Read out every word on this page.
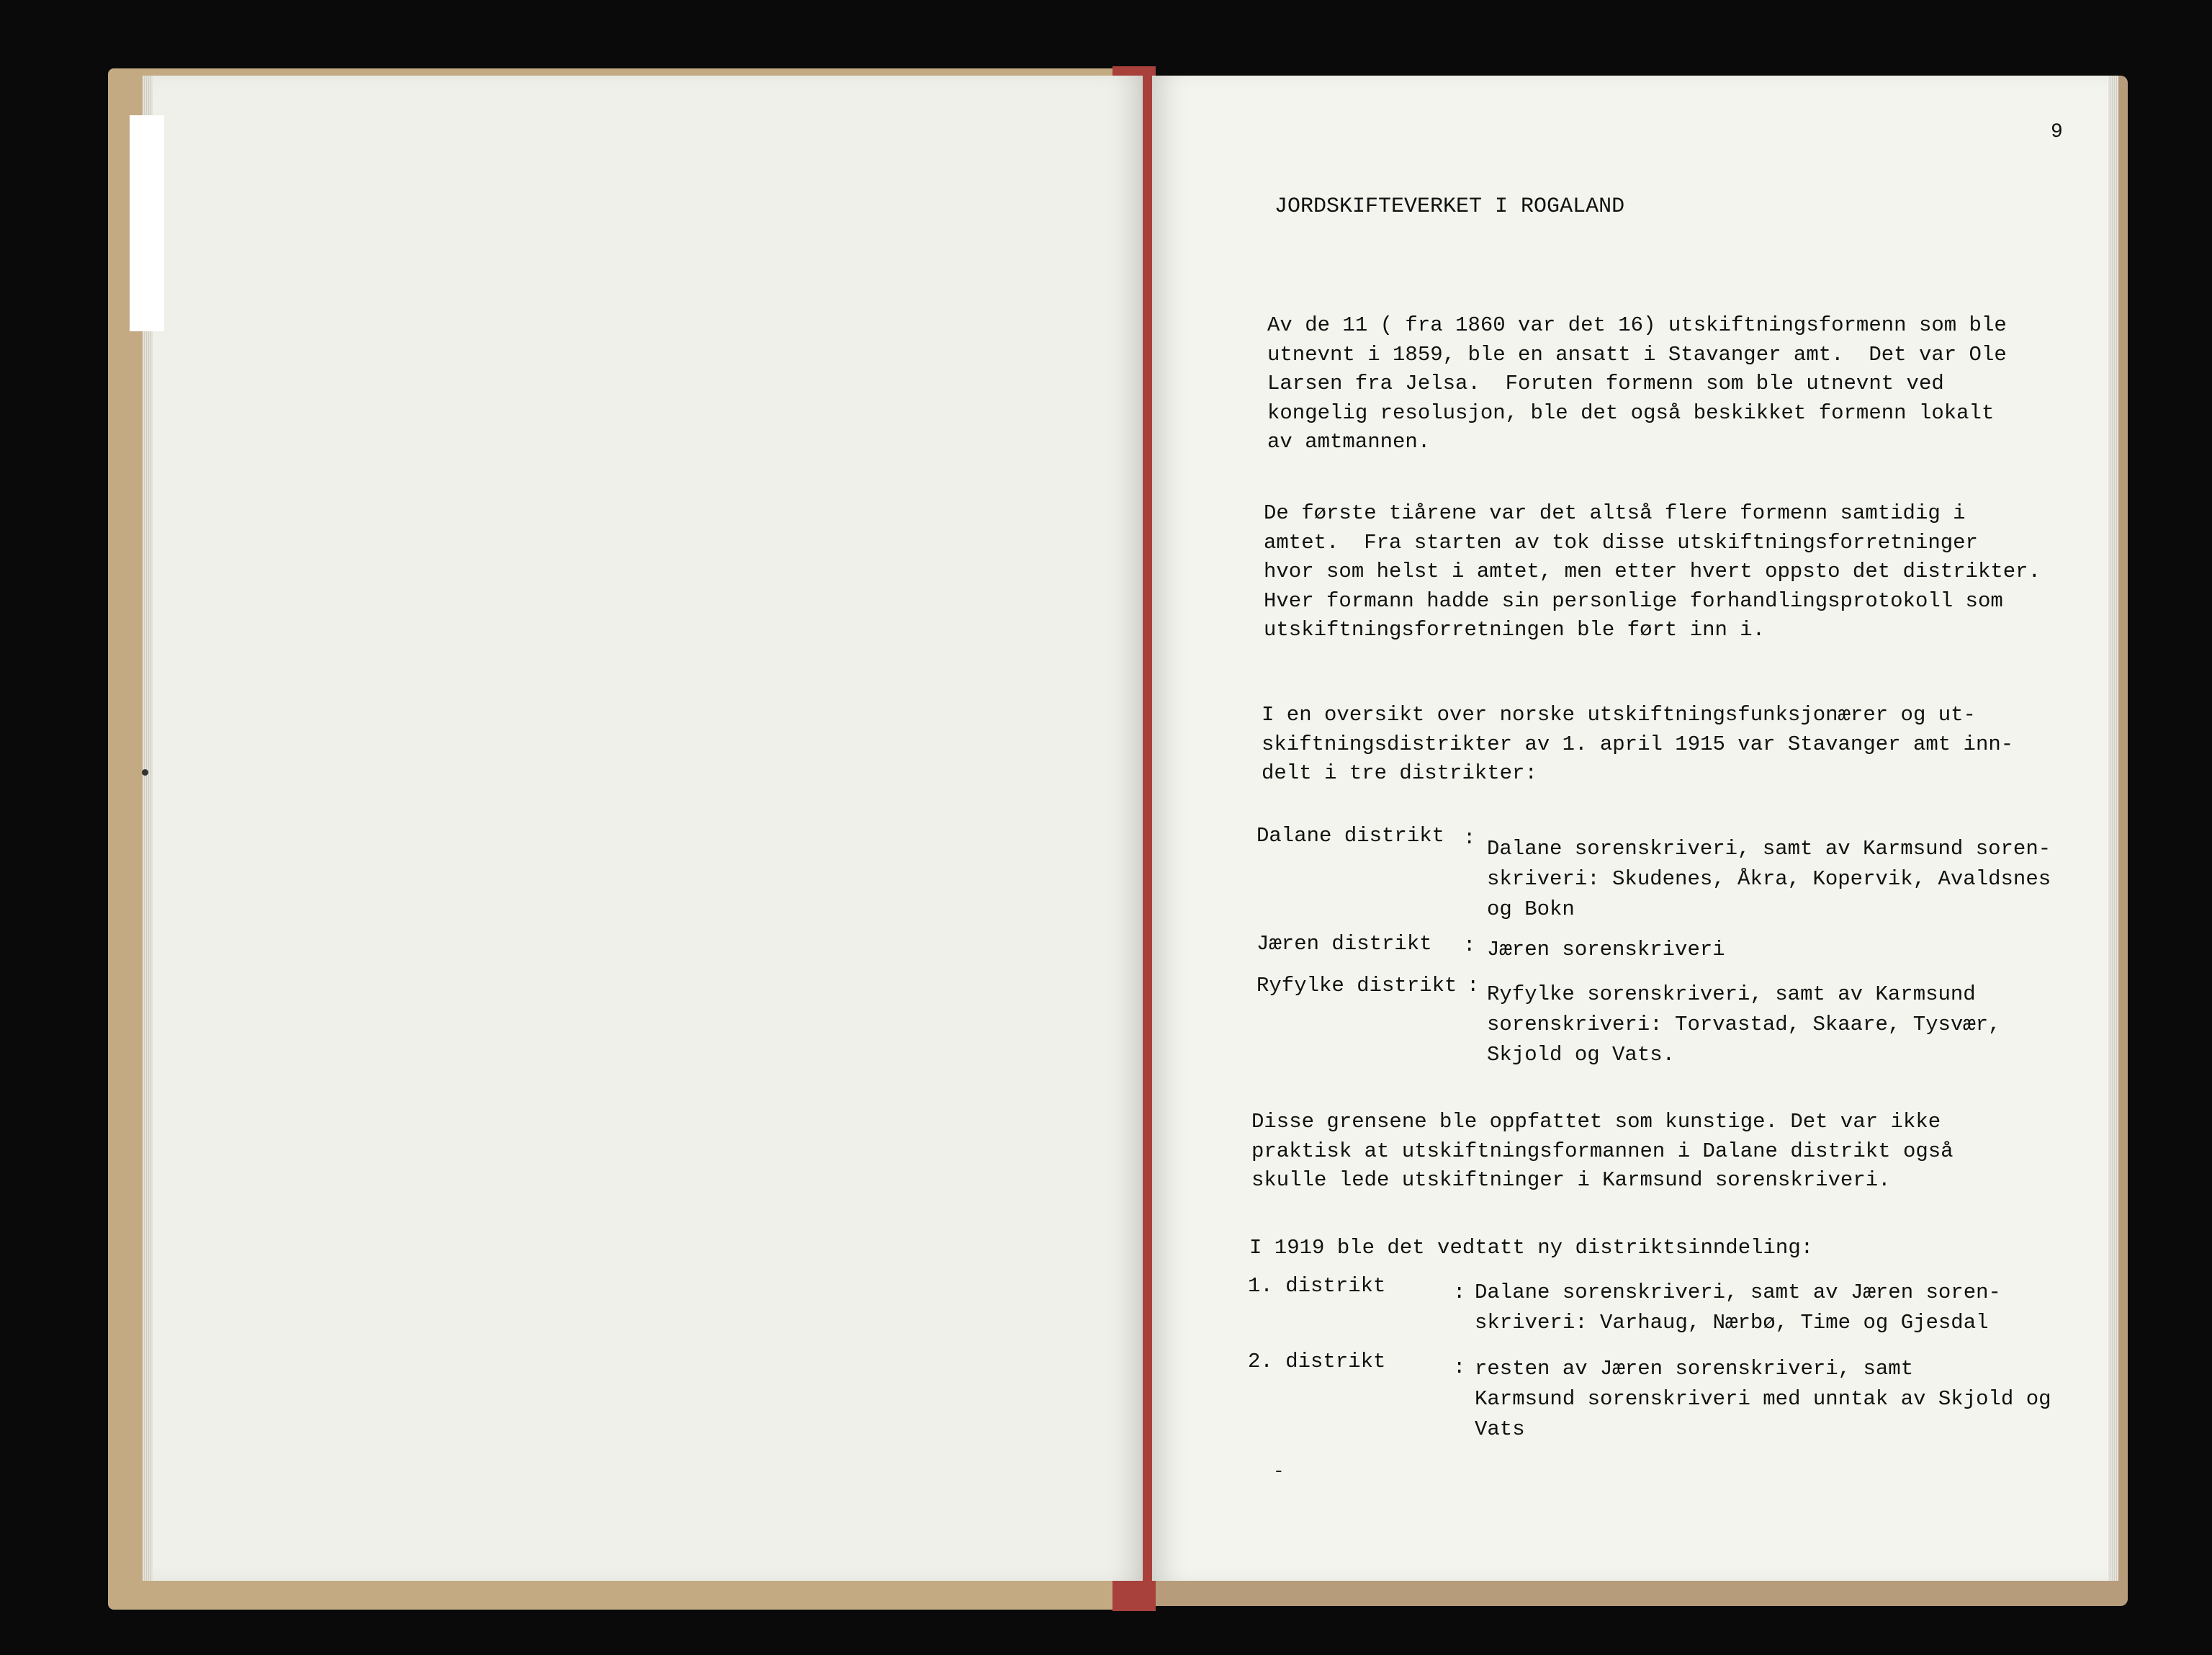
9

JORDSKIFTEVERKET I ROGALAND

Av de 11 ( fra 1860 var det 16) utskiftningsformenn som ble
utnevnt i 1859, ble en ansatt i Stavanger amt.  Det var Ole
Larsen fra Jelsa.  Foruten formenn som ble utnevnt ved
kongelig resolusjon, ble det også beskikket formenn lokalt
av amtmannen.

De første tiårene var det altså flere formenn samtidig i
amtet.  Fra starten av tok disse utskiftningsforretninger
hvor som helst i amtet, men etter hvert oppsto det distrikter.
Hver formann hadde sin personlige forhandlingsprotokoll som
utskiftningsforretningen ble ført inn i.

I en oversikt over norske utskiftningsfunksjonærer og ut-
skiftningsdistrikter av 1. april 1915 var Stavanger amt inn-
delt i tre distrikter:

Dalane distrikt : Dalane sorenskriveri, samt av Karmsund soren-
skriveri: Skudenes, Åkra, Kopervik, Avaldsnes
og Bokn

Jæren distrikt : Jæren sorenskriveri

Ryfylke distrikt : Ryfylke sorenskriveri, samt av Karmsund
sorenskriveri: Torvastad, Skaare, Tysvær,
Skjold og Vats.

Disse grensene ble oppfattet som kunstige. Det var ikke
praktisk at utskiftningsformannen i Dalane distrikt også
skulle lede utskiftninger i Karmsund sorenskriveri.

I 1919 ble det vedtatt ny distriktsinndeling:

1. distrikt	: Dalane sorenskriveri, samt av Jæren soren-
skriveri: Varhaug, Nærbø, Time og Gjesdal

2. distrikt	: resten av Jæren sorenskriveri, samt
Karmsund sorenskriveri med unntak av Skjold og
Vats

-
